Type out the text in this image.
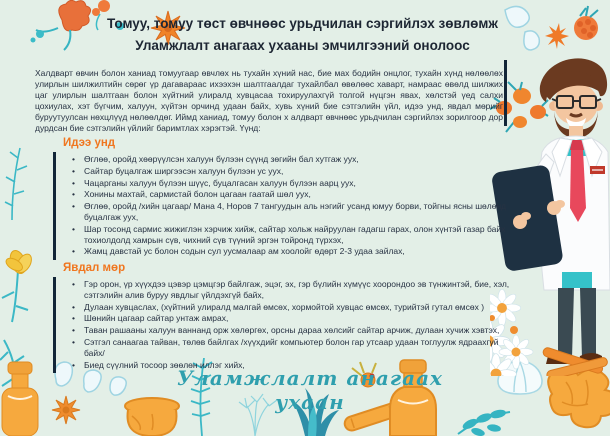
Томуу, томуу төст өвчнөөс урьдчилан сэргийлэх зөвлөмж
Уламжлалт анагаах ухааны эмчилгээний онолоос

Халдварт өвчин болон ханиад томуугаар өвчлөх нь тухайн хүний нас, бие мах бодийн онцлог, тухайн хүнд нөлөөлөх улирлын шилжилтийн сөрөг үр дагавараас ихээхэн шалтгаалдаг тухайлбал өвөлөөс хаварт, намраас өвөлд шилжих цаг улирлын шалтгаан болон хүйтний улиралд хувцасаа тохируулахгүй толгой нүцгэн явах, хөлстэй үед салхи цохиулах, хэт бүгчим, халуун, хүйтэн орчинд удаан байх, хувь хүний бие сэтгэлийн үйл, идээ унд, явдал мөрийг буруутуулсан нөхцлүүд нөлөөлдөг. Иймд ханиад, томуу болон х алдварт өвчнөөс урьдчилан сэргийлэх зорилгоор дор дурдсан бие сэтгэлийн үйлийг баримтлах хэрэгтэй. Үүнд:

Идээ унд
• Өглөө, оройд хөөрүүлсэн халуун бүлээн сүүнд зөгийн бал хутгаж уух,
• Сайтар буцалгаж ширгээсэн халуун бүлээн ус уух,
• Чацарганы халуун бүлээн шүүс, буцалгасан халуун бүлээн аарц уух,
• Хонины махтай, сармистай болон цагаан гаатай шөл уух,
• Өглөө, оройд /хийн цагаар/ Мана 4, Норов 7 тангуудын аль нэгийг усанд юмуу борви, тойгны ясны шөлөнд буцалгаж уух,
• Шар тосонд сармис жижиглэн хэрчиж хийж, сайтар хольж найруулан гадагш гарах, олон хүнтэй газар байх тохиолдолд хамрын сүв, чихний сүв түүний эргэн тойронд түрхэх,
• Жамц давстай ус болон содын сул уусмалаар ам хоолойг өдөрт 2-3 удаа зайлах,
Явдал мөр
• Гэр орон, үр хүүхдээ цэвэр цэмцгэр байлгаж, эцэг, эх, гэр бүлийн хүмүүс хоорондоо эв түнжинтэй, бие, хэл, сэтгэлийн алив буруу явдлыг үйлдэхгүй байх,
• Дулаан хувцаслах, (хүйтний улиралд малгай өмсөх, хормойтой хувцас өмсөх, турийтэй гутал өмсөх )
• Шөнийн цагаар сайтар унтаж амрах,
• Таван рашааны халуун ваннанд орж хөлөргөх, орсны дараа хөлсийг сайтар арчиж, дулаан хучиж хэвтэх,
• Сэтгэл санаагаа тайван, төлөв байлгах /хүүхдийг компьютер болон гар утсаар удаан тоглуулж ядраахгүй байх/
• Биед сүүлний тосоор зөөлөн иллэг хийх,
Уламжлалт анагаах ухаан
